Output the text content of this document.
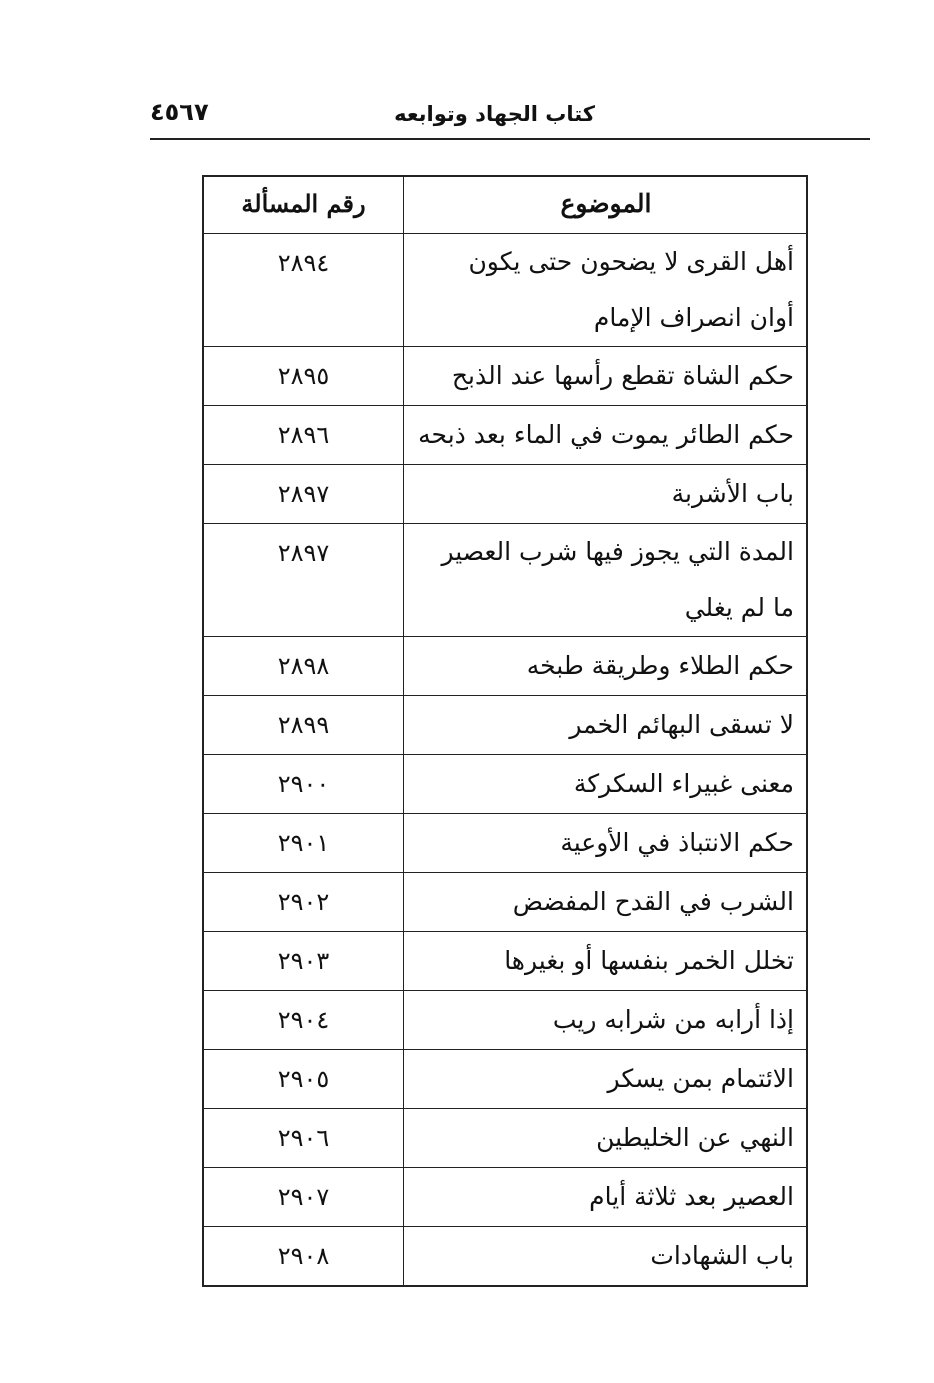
كتاب الجهاد وتوابعه
٤٥٦٧
الموضوع
رقم المسألة
أهل القرى لا يضحون حتى يكون أوان انصراف الإمام
٢٨٩٤
حكم الشاة تقطع رأسها عند الذبح
٢٨٩٥
حكم الطائر يموت في الماء بعد ذبحه
٢٨٩٦
باب الأشربة
٢٨٩٧
المدة التي يجوز فيها شرب العصير ما لم يغلي
٢٨٩٧
حكم الطلاء وطريقة طبخه
٢٨٩٨
لا تسقى البهائم الخمر
٢٨٩٩
معنى غبيراء السكركة
٢٩٠٠
حكم الانتباذ في الأوعية
٢٩٠١
الشرب في القدح المفضض
٢٩٠٢
تخلل الخمر بنفسها أو بغيرها
٢٩٠٣
إذا أرابه من شرابه ريب
٢٩٠٤
الائتمام بمن يسكر
٢٩٠٥
النهي عن الخليطين
٢٩٠٦
العصير بعد ثلاثة أيام
٢٩٠٧
باب الشهادات
٢٩٠٨
